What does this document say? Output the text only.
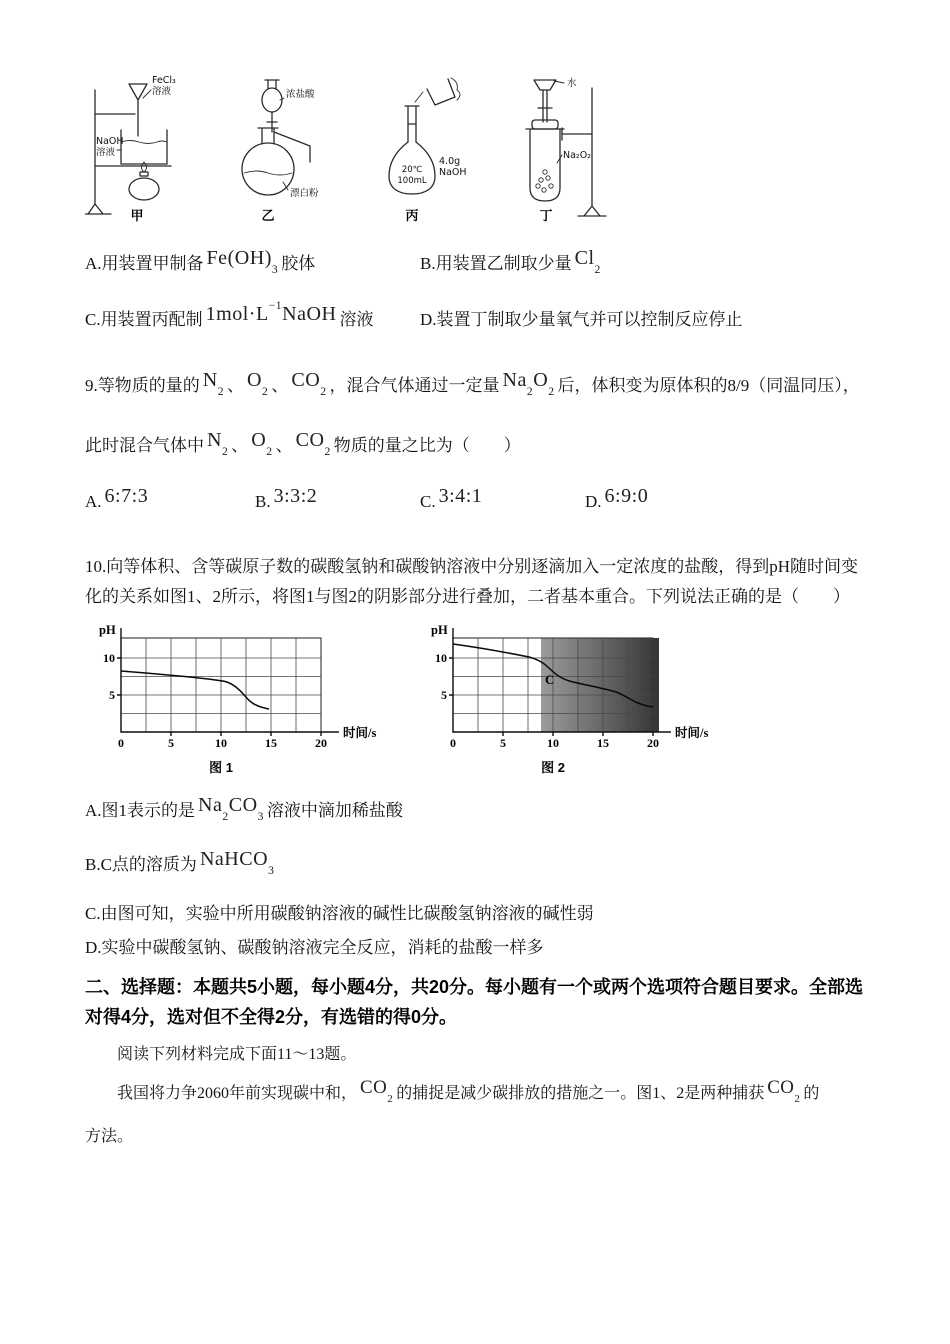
FeCl₃
溶液
NaOH
溶液
甲
浓盐酸
漂白粉
乙
20℃
100mL
4.0g
NaOH
丙
水
Na₂O₂
丁
A.用装置甲制备 $Fe(OH)_3$ 胶体	B.用装置乙制取少量 $Cl_2$
C.用装置丙配制 $1mol\cdot L^{-1}NaOH$ 溶液	D.装置丁制取少量氧气并可以控制反应停止

9.等物质的量的 $N_2$ 、 $O_2$ 、 $CO_2$ ，混合气体通过一定量 $Na_2O_2$ 后，体积变为原体积的8/9（同温同压），

此时混合气体中 $N_2$ 、 $O_2$ 、 $CO_2$ 物质的量之比为（　　）

A. 6:7:3	B. 3:3:2	C. 3:4:1	D. 6:9:0

10.向等体积、含等碳原子数的碳酸氢钠和碳酸钠溶液中分别逐滴加入一定浓度的盐酸，得到pH随时间变化的关系如图1、2所示，将图1与图2的阴影部分进行叠加，二者基本重合。下列说法正确的是（　　）

pH
10
5
0	5	10	15	20
时间/s
图 1
C
pH
10
5
0	5	10	15	20
时间/s
图 2

A.图1表示的是 $Na_2CO_3$ 溶液中滴加稀盐酸

B.C点的溶质为 NaHCO$_3$

C.由图可知，实验中所用碳酸钠溶液的碱性比碳酸氢钠溶液的碱性弱

D.实验中碳酸氢钠、碳酸钠溶液完全反应，消耗的盐酸一样多

二、选择题：本题共5小题，每小题4分，共20分。每小题有一个或两个选项符合题目要求。全部选对得4分，选对但不全得2分，有选错的得0分。

阅读下列材料完成下面11～13题。

我国将力争2060年前实现碳中和， $CO_2$ 的捕捉是减少碳排放的措施之一。图1、2是两种捕获 $CO_2$ 的

方法。
